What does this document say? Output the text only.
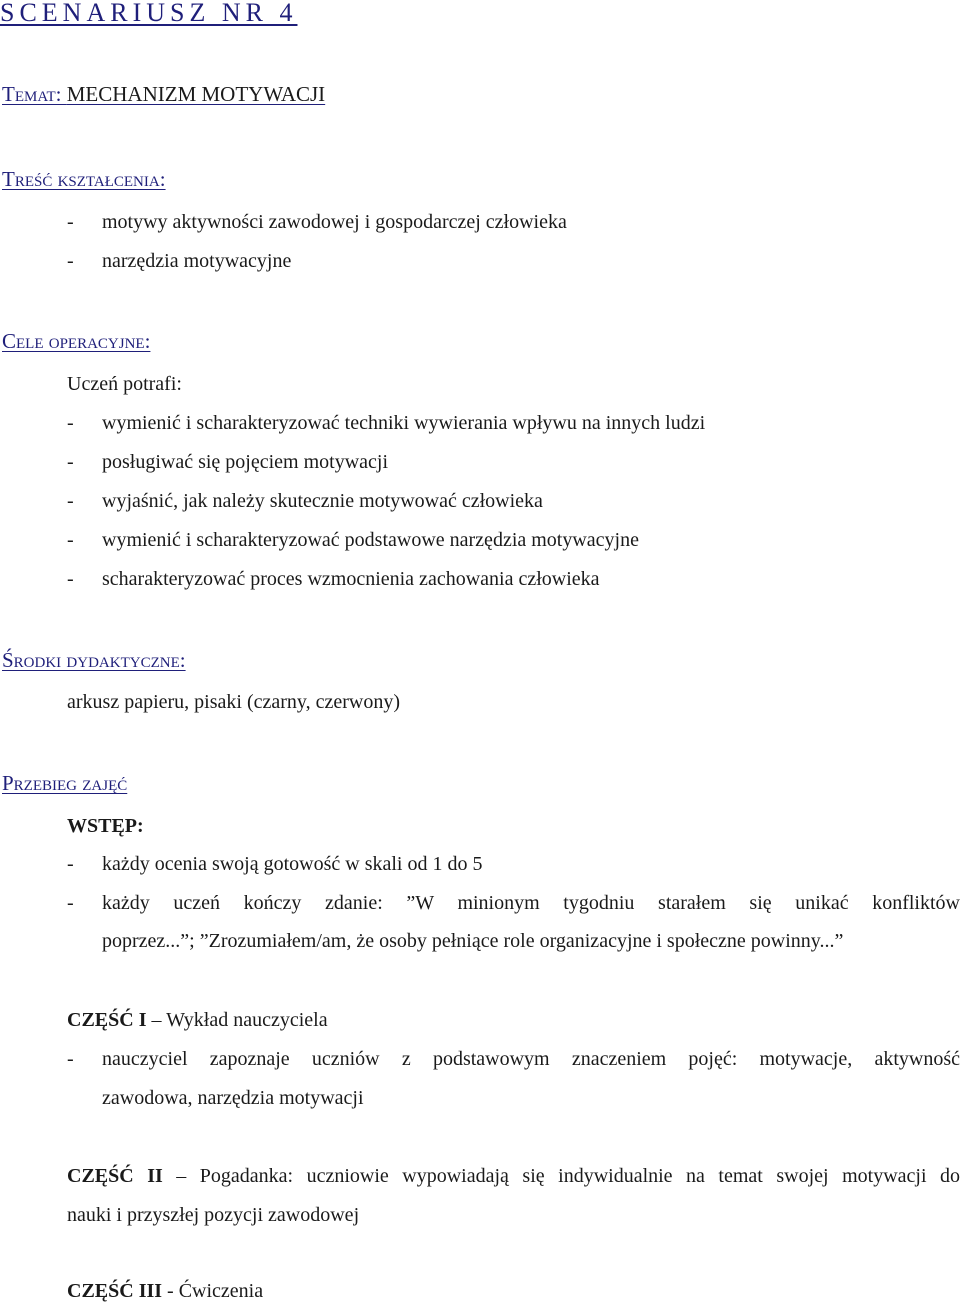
SCENARIUSZ NR 4
Temat: MECHANIZM MOTYWACJI
Treść kształcenia:
- motywy aktywności zawodowej i gospodarczej człowieka
- narzędzia motywacyjne
Cele operacyjne:
Uczeń potrafi:
- wymienić i scharakteryzować techniki wywierania wpływu na innych ludzi
- posługiwać się pojęciem motywacji
- wyjaśnić, jak należy skutecznie motywować człowieka
- wymienić i scharakteryzować podstawowe narzędzia motywacyjne
- scharakteryzować proces wzmocnienia zachowania człowieka
Środki dydaktyczne:
arkusz papieru, pisaki (czarny, czerwony)
Przebieg zajęć
WSTĘP:
- każdy ocenia swoją gotowość w skali od 1 do 5
- każdy uczeń kończy zdanie: ”W minionym tygodniu starałem się unikać konfliktów
poprzez...”; ”Zrozumiałem/am, że osoby pełniące role organizacyjne i społeczne powinny...”
CZĘŚĆ I – Wykład nauczyciela
- nauczyciel zapoznaje uczniów z podstawowym znaczeniem pojęć: motywacje, aktywność
zawodowa, narzędzia motywacji
CZĘŚĆ II – Pogadanka: uczniowie wypowiadają się indywidualnie na temat swojej motywacji do
nauki i przyszłej pozycji zawodowej
CZĘŚĆ III - Ćwiczenia
